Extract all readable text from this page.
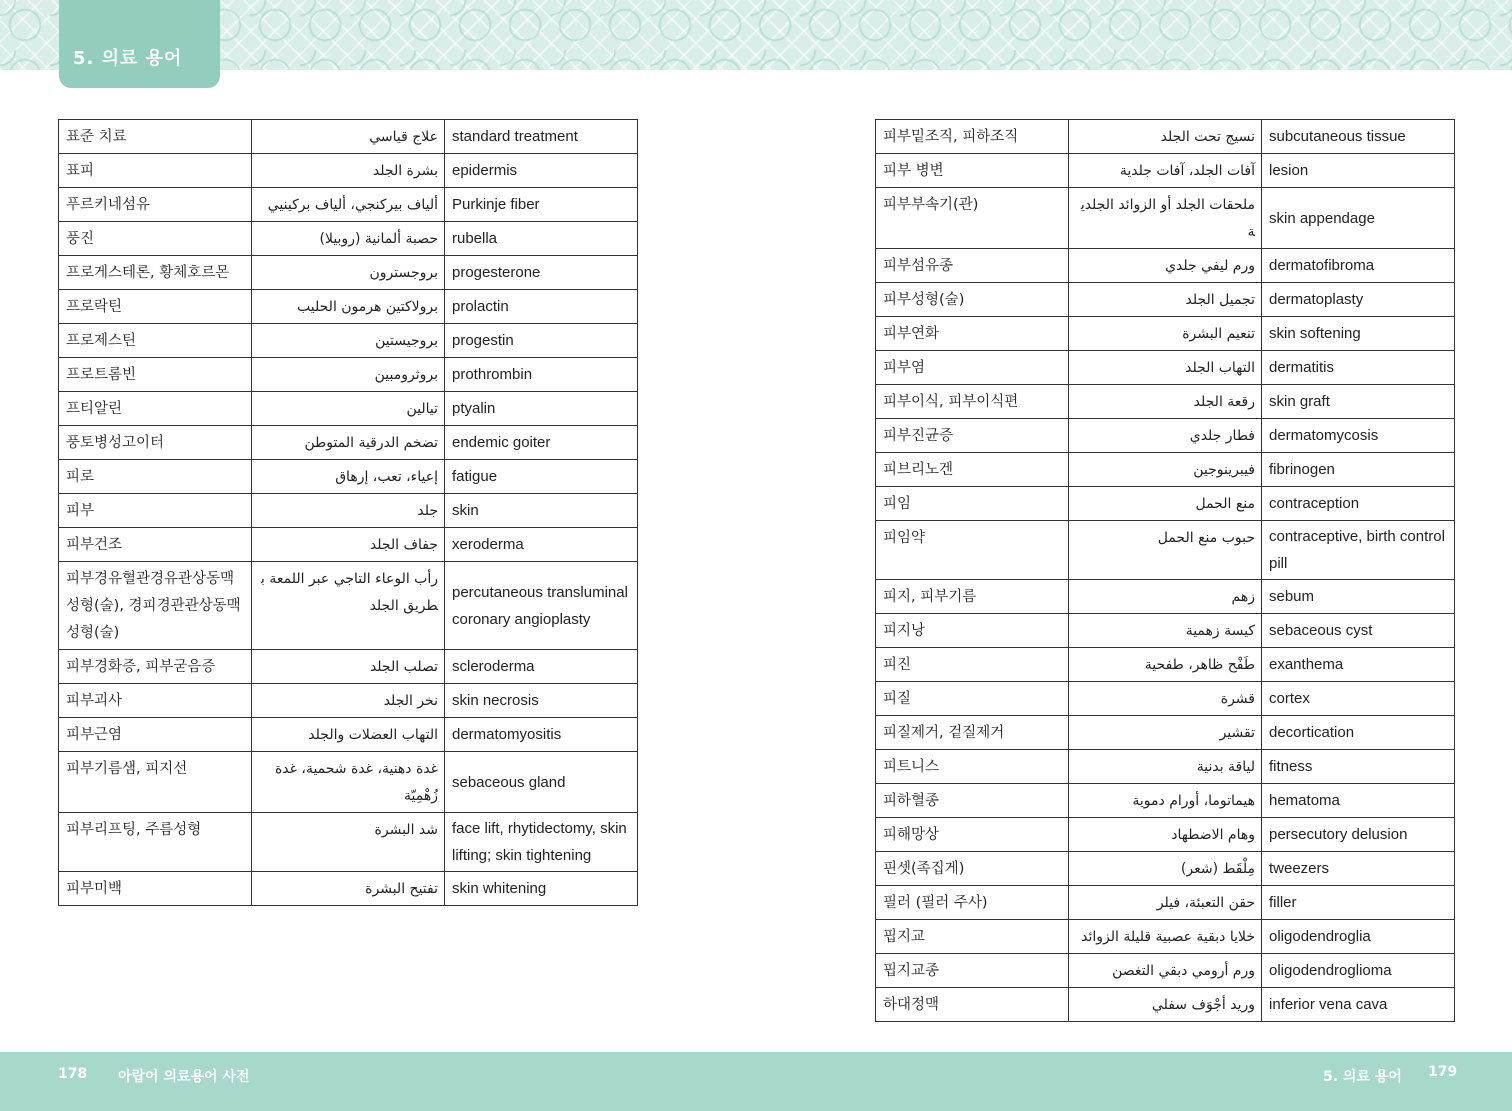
5. 의료 용어
표준 치료	علاج قياسي	standard treatment
표피	بشرة الجلد	epidermis
푸르키네섬유	ألياف بيركنجي، ألياف بركينيي	Purkinje fiber
풍진	حصبة ألمانية (روبيلا)	rubella
프로게스테론, 황체호르몬	بروجسترون	progesterone
프로락틴	برولاكتين هرمون الحليب	prolactin
프로제스틴	بروجيستين	progestin
프로트롬빈	بروثرومبين	prothrombin
프티알린	تيالين	ptyalin
풍토병성고이터	تضخم الدرقية المتوطن	endemic goiter
피로	إعياء، تعب، إرهاق	fatigue
피부	جلد	skin
피부건조	جفاف الجلد	xeroderma
피부경유혈관경유관상동맥성형(술), 경피경관관상동맥성형(술)	رأب الوعاء التاجي عبر اللمعة بطريق الجلد	percutaneous transluminal coronary angioplasty
피부경화증, 피부굳음증	تصلب الجلد	scleroderma
피부괴사	نخر الجلد	skin necrosis
피부근염	التهاب العضلات والجلد	dermatomyositis
피부기름샘, 피지선	غدة دهنية، غدة شحمية، غدة زُهْمِيّة	sebaceous gland
피부리프팅, 주름성형	شد البشرة	face lift, rhytidectomy, skin lifting; skin tightening
피부미백	تفتيح البشرة	skin whitening
피부밑조직, 피하조직	نسيج تحت الجلد	subcutaneous tissue
피부 병변	آفات الجلد، آفات جلدية	lesion
피부부속기(관)	ملحقات الجلد أو الزوائد الجلدية	skin appendage
피부섬유종	ورم ليفي جلدي	dermatofibroma
피부성형(술)	تجميل الجلد	dermatoplasty
피부연화	تنعيم البشرة	skin softening
피부염	التهاب الجلد	dermatitis
피부이식, 피부이식편	رقعة الجلد	skin graft
피부진균증	فطار جلدي	dermatomycosis
피브리노겐	فيبرينوجين	fibrinogen
피임	منع الحمل	contraception
피임약	حبوب منع الحمل	contraceptive, birth control pill
피지, 피부기름	زهم	sebum
피지낭	كيسة زهمية	sebaceous cyst
피진	طَفْح ظاهر، طفحية	exanthema
피질	قشرة	cortex
피질제거, 겉질제거	تقشير	decortication
피트니스	لياقة بدنية	fitness
피하혈종	هيماتوما، أورام دموية	hematoma
피해망상	وهام الاضطهاد	persecutory delusion
핀셋(족집게)	مِلْقَط (شعر)	tweezers
필러 (필러 주사)	حقن التعبئة، فيلر	filler
핍지교	خلايا دبقية عصبية قليلة الزوائد	oligodendroglia
핍지교종	ورم أرومي دبقي التغصن	oligodendroglioma
하대정맥	وريد أجْوَف سفلي	inferior vena cava
178 아랍어 의료용어 사전	5. 의료 용어 179
